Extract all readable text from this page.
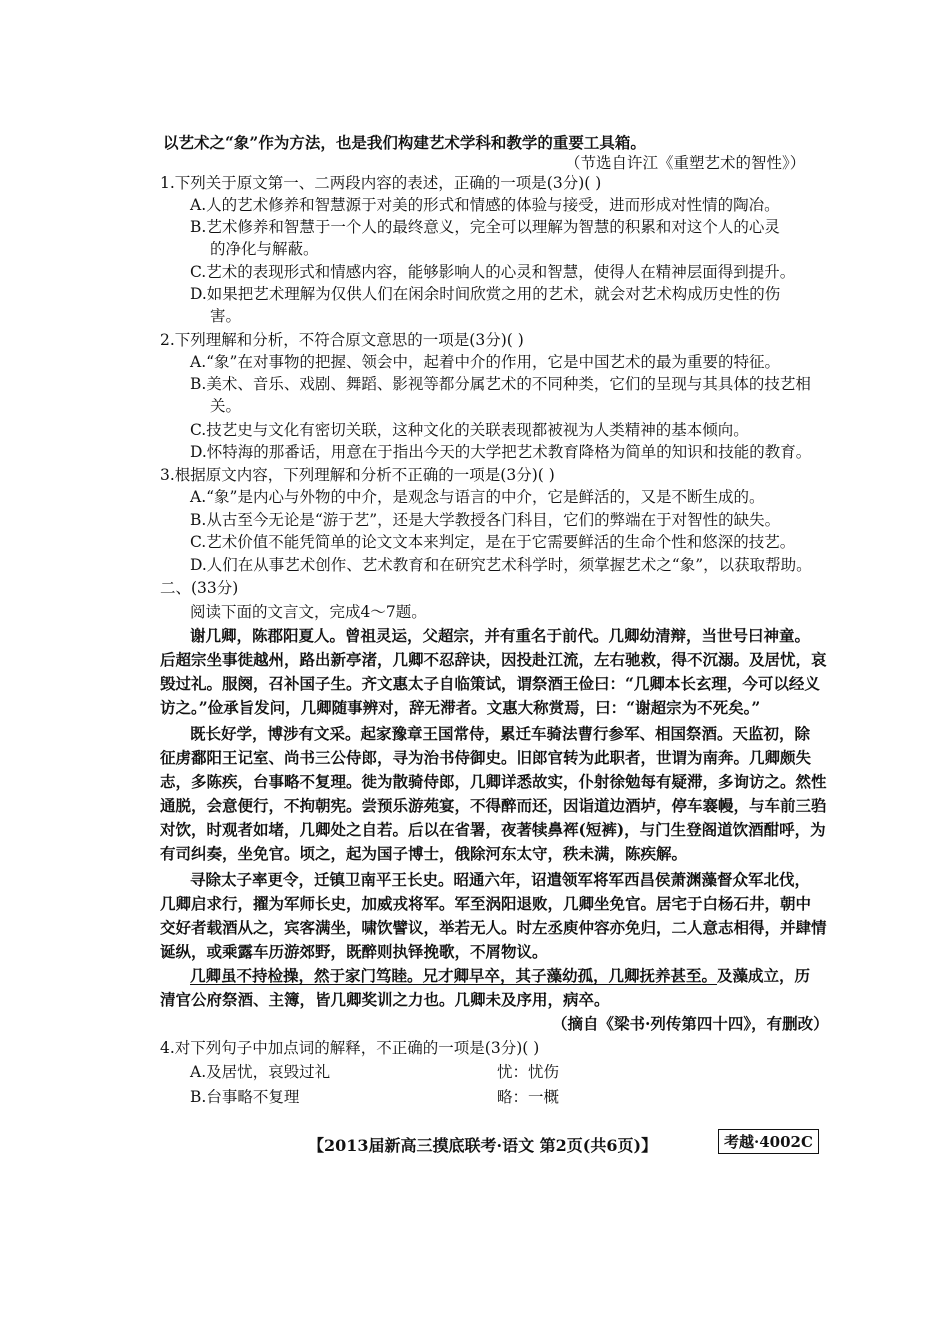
以艺术之“象”作为方法，也是我们构建艺术学科和教学的重要工具箱。
（节选自许江《重塑艺术的智性》）
1.下列关于原文第一、二两段内容的表述，正确的一项是(3分)( )
A.人的艺术修养和智慧源于对美的形式和情感的体验与接受，进而形成对性情的陶冶。
B.艺术修养和智慧于一个人的最终意义，完全可以理解为智慧的积累和对这个人的心灵
的净化与解蔽。
C.艺术的表现形式和情感内容，能够影响人的心灵和智慧，使得人在精神层面得到提升。
D.如果把艺术理解为仅供人们在闲余时间欣赏之用的艺术，就会对艺术构成历史性的伤
害。
2.下列理解和分析，不符合原文意思的一项是(3分)( )
A.“象”在对事物的把握、领会中，起着中介的作用，它是中国艺术的最为重要的特征。
B.美术、音乐、戏剧、舞蹈、影视等都分属艺术的不同种类，它们的呈现与其具体的技艺相
关。
C.技艺史与文化有密切关联，这种文化的关联表现都被视为人类精神的基本倾向。
D.怀特海的那番话，用意在于指出今天的大学把艺术教育降格为简单的知识和技能的教育。
3.根据原文内容，下列理解和分析不正确的一项是(3分)( )
A.“象”是内心与外物的中介，是观念与语言的中介，它是鲜活的，又是不断生成的。
B.从古至今无论是“游于艺”，还是大学教授各门科目，它们的弊端在于对智性的缺失。
C.艺术价值不能凭简单的论文文本来判定，是在于它需要鲜活的生命个性和悠深的技艺。
D.人们在从事艺术创作、艺术教育和在研究艺术科学时，须掌握艺术之“象”，以获取帮助。
二、(33分)
阅读下面的文言文，完成4～7题。
谢几卿，陈郡阳夏人。曾祖灵运，父超宗，并有重名于前代。几卿幼清辩，当世号曰神童。
后超宗坐事徙越州，路出新亭渚，几卿不忍辞诀，因投赴江流，左右驰救，得不沉溺。及居忧，哀
毁过礼。服阕，召补国子生。齐文惠太子自临策试，谓祭酒王俭曰：“几卿本长玄理，今可以经义
访之。”俭承旨发问，几卿随事辨对，辞无滞者。文惠大称赏焉，曰：“谢超宗为不死矣。”
既长好学，博涉有文采。起家豫章王国常侍，累迁车骑法曹行参军、相国祭酒。天监初，除
征虏鄱阳王记室、尚书三公侍郎，寻为治书侍御史。旧郎官转为此职者，世谓为南奔。几卿颇失
志，多陈疾，台事略不复理。徙为散骑侍郎，几卿详悉故实，仆射徐勉每有疑滞，多询访之。然性
通脱，会意便行，不拘朝宪。尝预乐游苑宴，不得醉而还，因诣道边酒垆，停车褰幔，与车前三驺
对饮，时观者如堵，几卿处之自若。后以在省署，夜著犊鼻裈(短裤)，与门生登阁道饮酒酣呼，为
有司纠奏，坐免官。顷之，起为国子博士，俄除河东太守，秩未满，陈疾解。
寻除太子率更令，迁镇卫南平王长史。昭通六年，诏遣领军将军西昌侯萧渊藻督众军北伐，
几卿启求行，擢为军师长史，加威戎将军。军至涡阳退败，几卿坐免官。居宅于白杨石井，朝中
交好者载酒从之，宾客满坐，啸饮譬议，举若无人。时左丞庾仲容亦免归，二人意志相得，并肆情
诞纵，或乘露车历游郊野，既醉则执铎挽歌，不屑物议。
几卿虽不持检操，然于家门笃睦。兄才卿早卒，其子藻幼孤，几卿抚养甚至。及藻成立，历
清官公府祭酒、主簿，皆几卿奖训之力也。几卿未及序用，病卒。
（摘自《梁书·列传第四十四》，有删改）
4.对下列句子中加点词的解释，不正确的一项是(3分)( )
A.及居忧，哀毁过礼	忧：忧伤
B.台事略不复理	略：一概
【2013届新高三摸底联考·语文 第2页(共6页)】	考越·4002C
